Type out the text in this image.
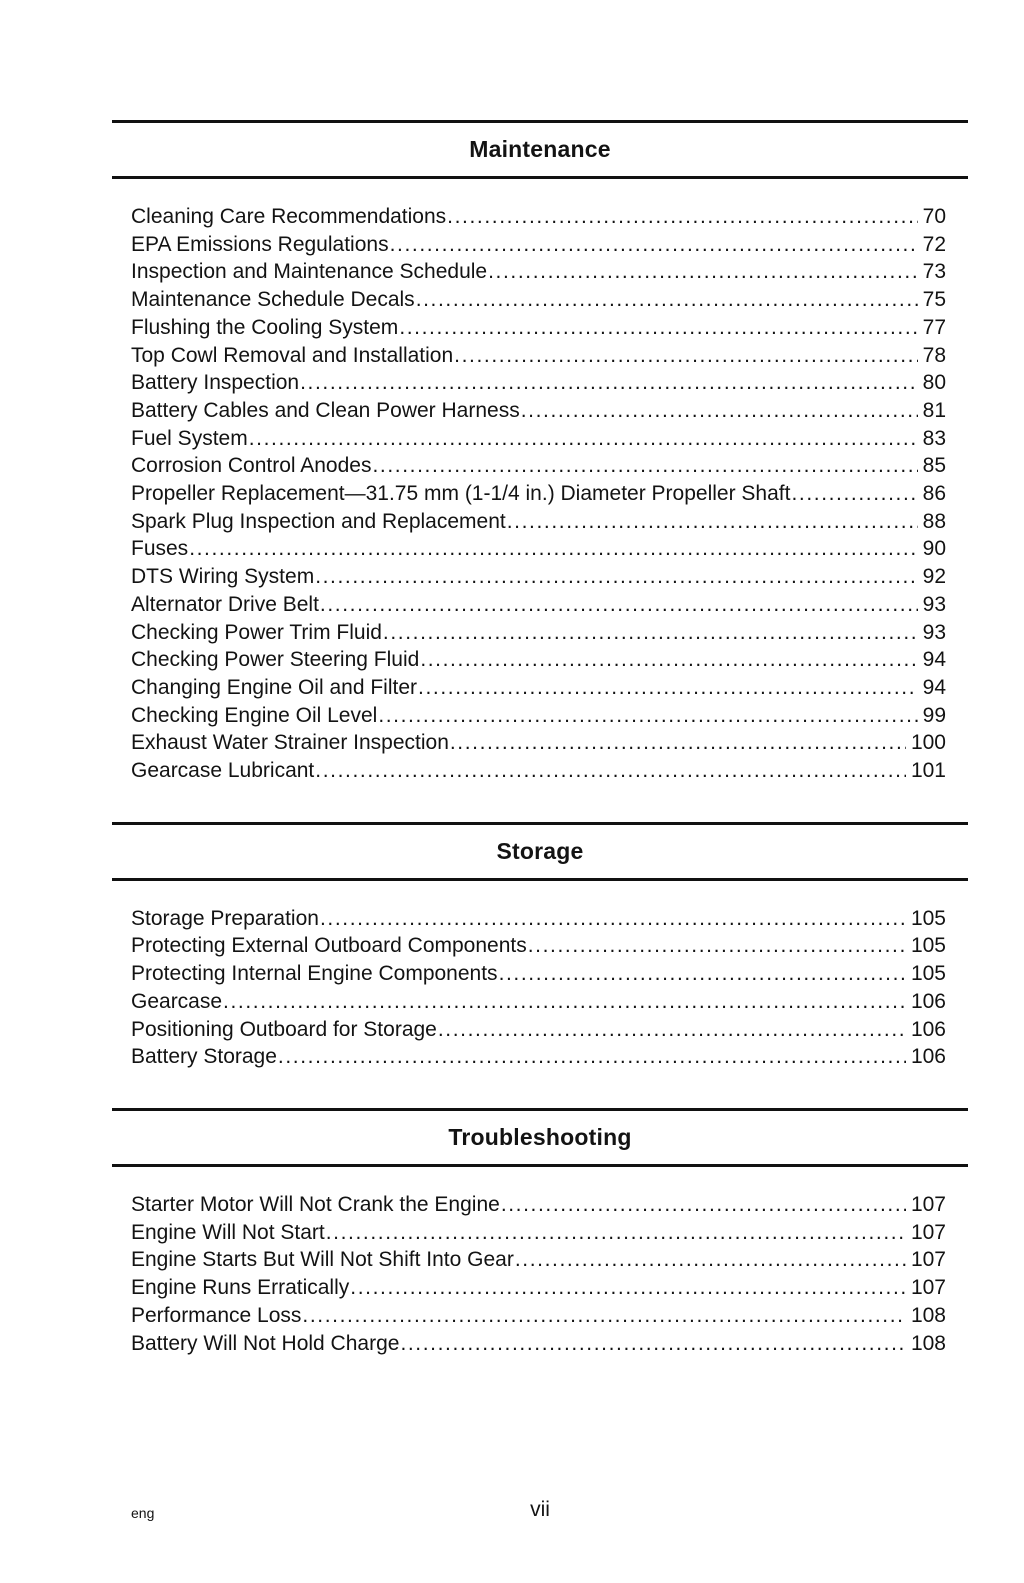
Maintenance
Cleaning Care Recommendations .....	70
EPA Emissions Regulations .....	72
Inspection and Maintenance Schedule .....	73
Maintenance Schedule Decals .....	75
Flushing the Cooling System .....	77
Top Cowl Removal and Installation .....	78
Battery Inspection .....	80
Battery Cables and Clean Power Harness .....	81
Fuel System .....	83
Corrosion Control Anodes .....	85
Propeller Replacement—31.75 mm (1-1/4 in.) Diameter Propeller Shaft .....	86
Spark Plug Inspection and Replacement .....	88
Fuses .....	90
DTS Wiring System .....	92
Alternator Drive Belt .....	93
Checking Power Trim Fluid .....	93
Checking Power Steering Fluid .....	94
Changing Engine Oil and Filter .....	94
Checking Engine Oil Level .....	99
Exhaust Water Strainer Inspection .....	100
Gearcase Lubricant .....	101
Storage
Storage Preparation .....	105
Protecting External Outboard Components .....	105
Protecting Internal Engine Components .....	105
Gearcase .....	106
Positioning Outboard for Storage .....	106
Battery Storage .....	106
Troubleshooting
Starter Motor Will Not Crank the Engine .....	107
Engine Will Not Start .....	107
Engine Starts But Will Not Shift Into Gear .....	107
Engine Runs Erratically .....	107
Performance Loss .....	108
Battery Will Not Hold Charge .....	108
eng	vii
